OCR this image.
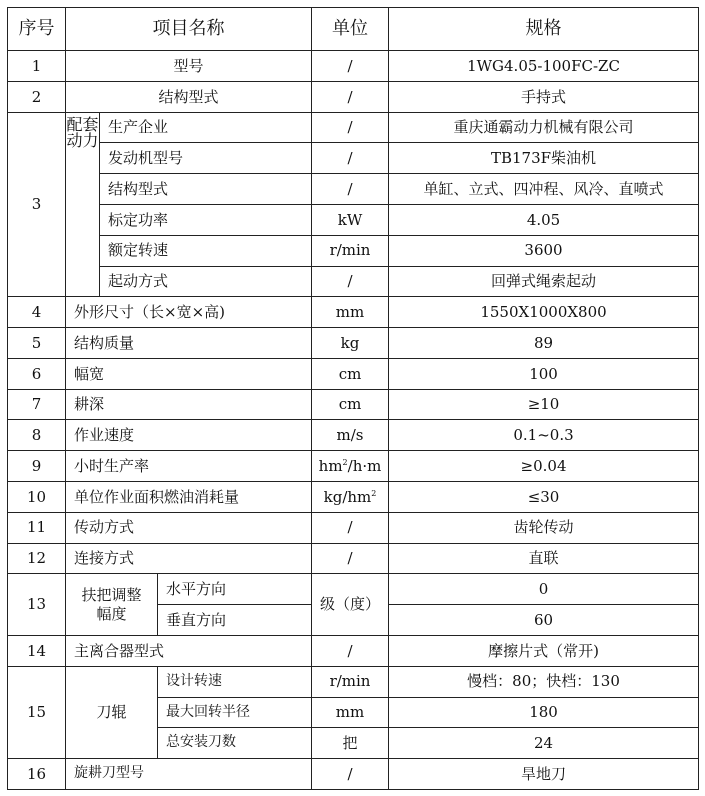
序号	项目名称			单位	规格
1	型号			/	1WG4.05-100FC-ZC
2	结构型式			/	手持式
3	配套动力	生产企业		/	重庆通霸动力机械有限公司
		发动机型号		/	TB173F柴油机
		结构型式		/	单缸、立式、四冲程、风冷、直喷式
		标定功率		kW	4.05
		额定转速		r/min	3600
		起动方式		/	回弹式绳索起动
4	外形尺寸（长×宽×高)			mm	1550X1000X800
5	结构质量			kg	89
6	幅宽			cm	100
7	耕深			cm	≥10
8	作业速度			m/s	0.1~0.3
9	小时生产率			$hm^2/h\cdot m$	≥0.04
10	单位作业面积燃油消耗量			$kg/hm^2$	≤30
11	传动方式			/	齿轮传动
12	连接方式			/	直联
13	扶把调整幅度		水平方向	级（度）	0
			垂直方向		60
14	主离合器型式			/	摩擦片式（常开)
15	刀辊		设计转速	r/min	慢档：80；快档：130
			最大回转半径	mm	180
			总安装刀数	把	24
16	旋耕刀型号			/	旱地刀
